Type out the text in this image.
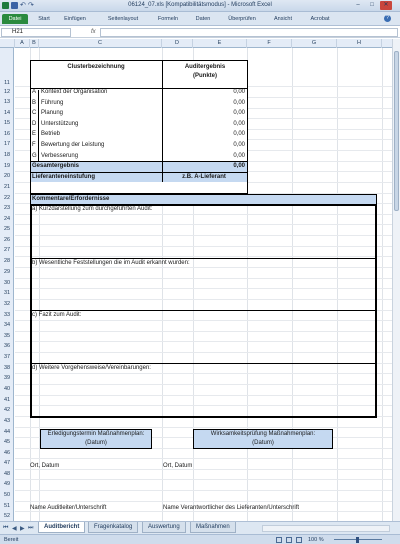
↶ ↷	06124_07.xls [Kompatibilitätsmodus] - Microsoft Excel	‒	□	✕
Datei	Start	Einfügen	Seitenlayout	Formeln	Daten	Überprüfen	Ansicht	Acrobat	?
H21	fx
A	B	C	D	E	F	G	H
11
12
13
14
15
16
17
18
19
20
21
22
23
24
25
26
27
28
29
30
31
32
33
34
35
36
37
38
39
40
41
42
43
44
45
46
47
48
49
50
51
52
Clusterbezeichnung	Auditergebnis
(Punkte)
A Kontext der Organisation	0,00
B Führung	0,00
C Planung	0,00
D Unterstützung	0,00
E Betrieb	0,00
F Bewertung der Leistung	0,00
G Verbesserung	0,00
Gesamtergebnis	0,00
Lieferanteneinstufung	z.B. A-Lieferant
Kommentare/Erfordernisse
a) Kurzdarstellung zum durchgeführten Audit:
b) Wesentliche Feststellungen die im Audit erkannt wurden:
c) Fazit zum Audit:
d) Weitere Vorgehensweise/Vereinbarungen:
Erledigungstermin Maßnahmenplan:
(Datum)
Wirksamkeitsprüfung Maßnahmenplan:
(Datum)
Ort, Datum	Ort, Datum
Name Auditleiter/Unterschrift	Name Verantwortlicher des Lieferanten/Unterschrift
⏮ ◀ ▶ ⏭	Auditbericht	Fragenkatalog	Auswertung	Maßnahmen
Bereit	100 %
